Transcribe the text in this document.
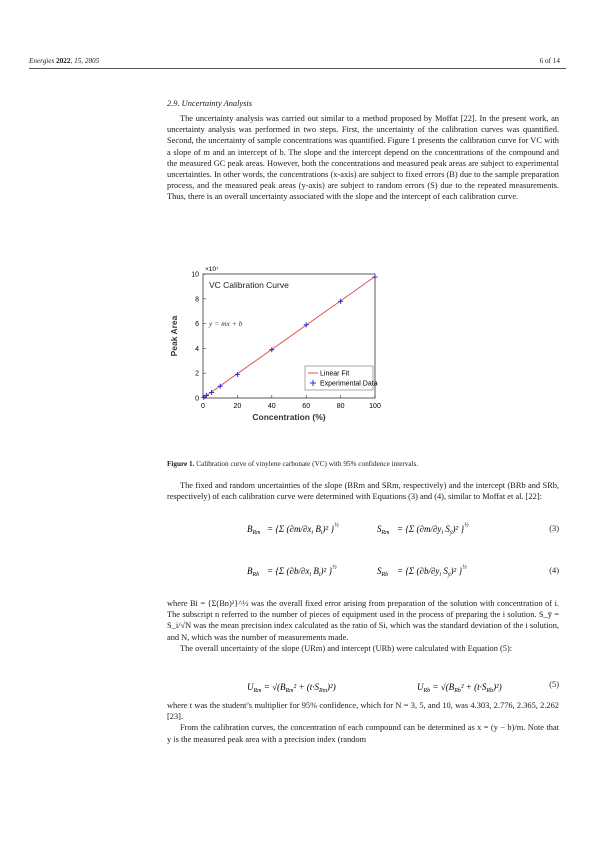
Energies 2022, 15, 2805	6 of 14
2.9. Uncertainty Analysis

The uncertainty analysis was carried out similar to a method proposed by Moffat [22]. In the present work, an uncertainty analysis was performed in two steps. First, the uncertainty of the calibration curves was quantified. Second, the uncertainty of sample concentrations was quantified. Figure 1 presents the calibration curve for VC with a slope of m and an intercept of b. The slope and the intercept depend on the concentrations of the compound and the measured GC peak areas. However, both the concentrations and measured peak areas are subject to experimental uncertainties. In other words, the concentrations (x-axis) are subject to fixed errors (B) due to the sample preparation process, and the measured peak areas (y-axis) are subject to random errors (S) due to the repeated measurements. Thus, there is an overall uncertainty associated with the slope and the intercept of each calibration curve.

0	20	40	60	80	100
0
2
4
6
8
10
×10⁷
Concentration (%)
Peak Area
VC Calibration Curve
y = mx + b
Linear Fit
Experimental Data
Figure 1. Calibration curve of vinylene carbonate (VC) with 95% confidence intervals.

The fixed and random uncertainties of the slope (BRm and SRm, respectively) and the intercept (BRb and SRb, respectively) of each calibration curve were determined with Equations (3) and (4), similar to Moffat et al. [22]:

$B_{Rm} = \{\Sigma$ ($\partial m/\partial x_i$ $B_i)^2$ }$^{\frac{1}{2}}$	$S_{Rm} = \{\Sigma$ ($\partial m/\partial y_i$ $S_ȳ)^2$ }$^{\frac{1}{2}}$	(3)
$B_{Rb} = \{\Sigma$ ($\partial b/\partial x_i$ $B_i)^2$ }$^{\frac{1}{2}}$	$S_{Rb} = \{\Sigma$ ($\partial b/\partial y_i$ $S_ȳ)^2$ }$^{\frac{1}{2}}$	(4)

where Bi = {Σ(Bn)²}^½ was the overall fixed error arising from preparation of the solution with concentration of i. The subscript n referred to the number of pieces of equipment used in the process of preparing the i solution. S_ȳ = S_i/√N was the mean precision index calculated as the ratio of Si, which was the standard deviation of the i solution, and N, which was the number of measurements made.

The overall uncertainty of the slope (URm) and intercept (URb) were calculated with Equation (5):

$U_{Rm} = √(B_{Rm}^2 + (t\cdot S_{Rm})^2)$	$U_{Rb} = √(B_{Rb}^2 + (t\cdot S_{Rb})^2)$	(5)

where t was the student’s multiplier for 95% confidence, which for N = 3, 5, and 10, was 4.303, 2.776, 2.365, 2.262 [23].

From the calibration curves, the concentration of each compound can be determined as x = (y − b)/m. Note that y is the measured peak area with a precision index (random
